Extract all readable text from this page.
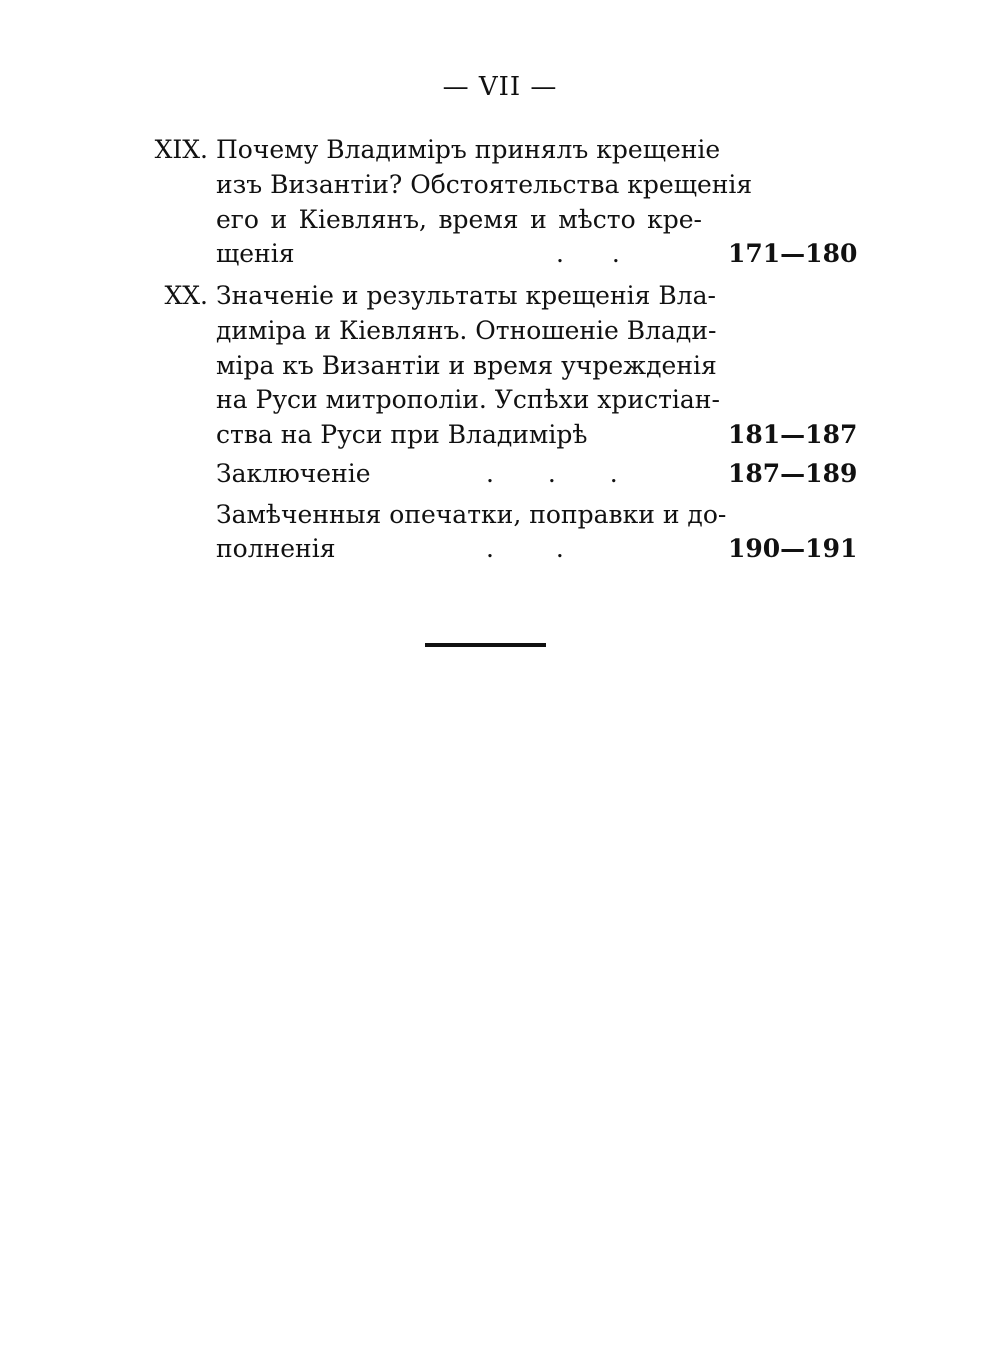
— VII —
XIX. Почему Владиміръ принялъ крещеніе
изъ Византіи? Обстоятельства крещенія
его и Кіевлянъ, время и мѣсто кре-
щенія	. .	171—180
XX. Значеніе и результаты крещенія Вла-
диміра и Кіевлянъ. Отношеніе Влади-
міра къ Византіи и время учрежденія
на Руси митрополіи. Успѣхи христіан-
ства на Руси при Владимірѣ	181—187
Заключеніе	. . .	187—189
Замѣченныя опечатки, поправки и до-
полненія	. .	190—191
